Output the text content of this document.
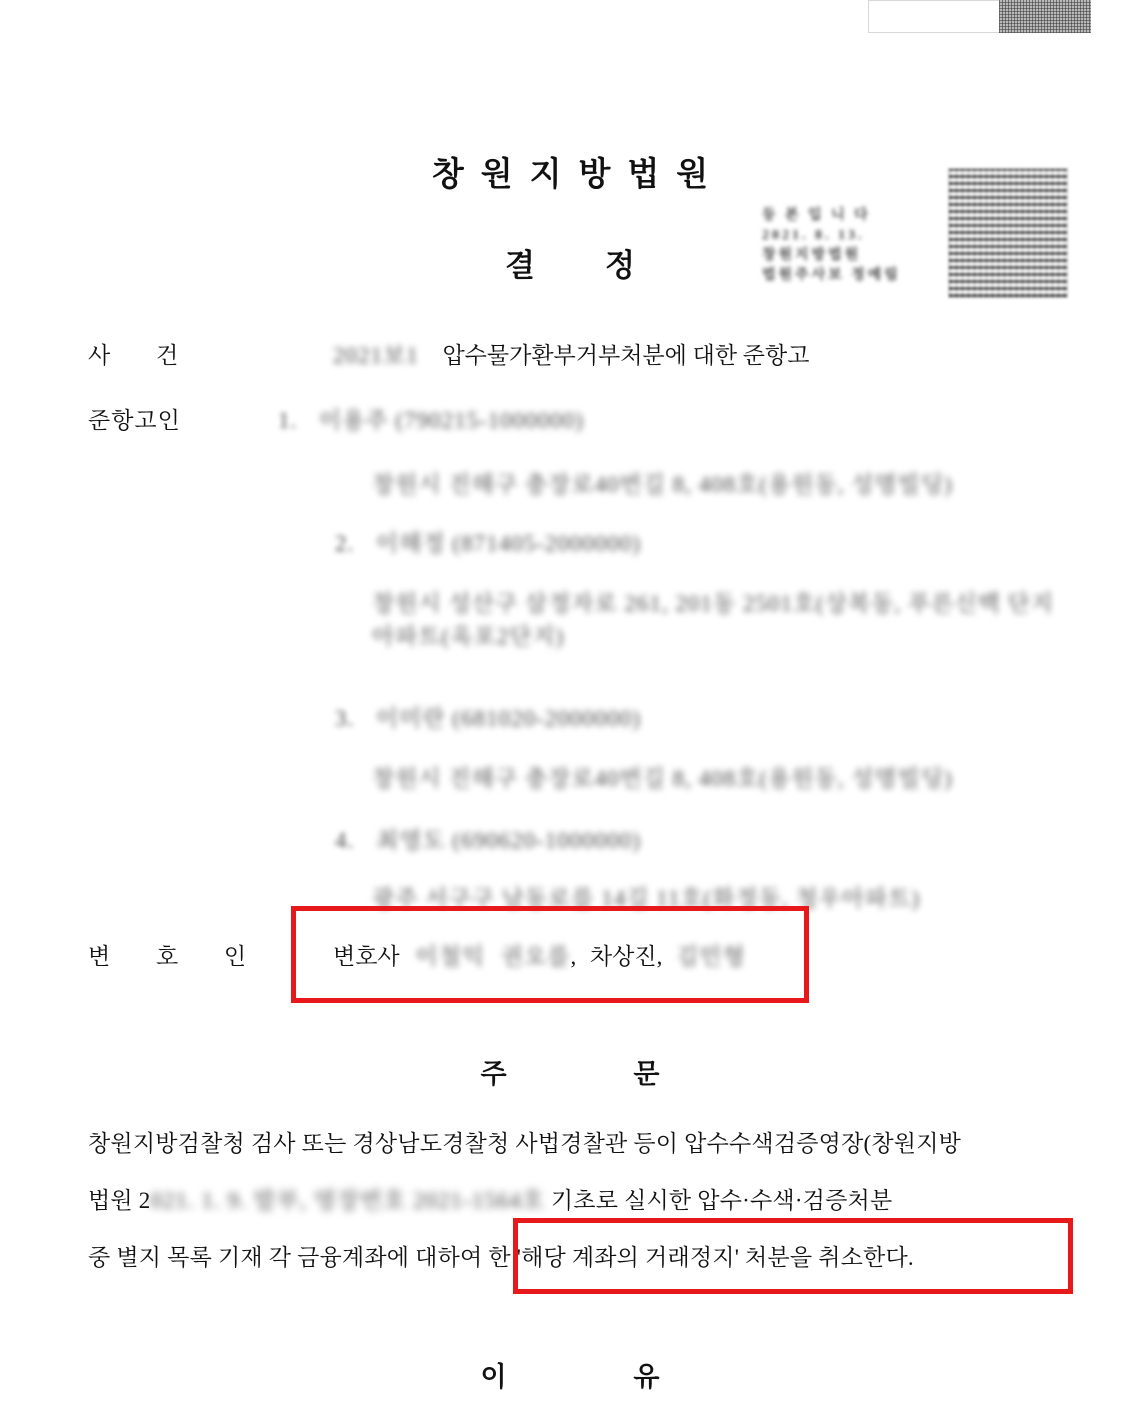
창원지방법원
결정
등 본 입 니 다
2021. 8. 13.
창원지방법원
법원주사보 정예림
사 건	2021보1 압수물가환부거부처분에 대한 준항고
준항고인	1. 이용주 (790215-1000000)
창원시 진해구 충장로40번길 8, 408호(용원동, 성명빌딩)
2. 이해정 (871405-2000000)
창원시 성산구 삼정자로 261, 201동 2501호(상복동, 푸른신백 단지아파트(옥포2단지)
3. 이미란 (681020-2000000)
창원시 진해구 충장로40번길 8, 408호(용원동, 성명빌딩)
4. 최영도 (690620-1000000)
광주 서구구 남동로를 14길 11호(화정동, 청우아파트)
변 호 인	변호사 이철익 권오를, 차상진, 김민형
주 문
창원지방검찰청 검사 또는 경상남도경찰청 사법경찰관 등이 압수수색검증영장(창원지방
법원 2021. 1. 9. 발부, 영장번호 2021-1564호 기초로 실시한 압수·수색·검증처분
중 별지 목록 기재 각 금융계좌에 대하여 한 '해당 계좌의 거래정지' 처분을 취소한다.
이 유
